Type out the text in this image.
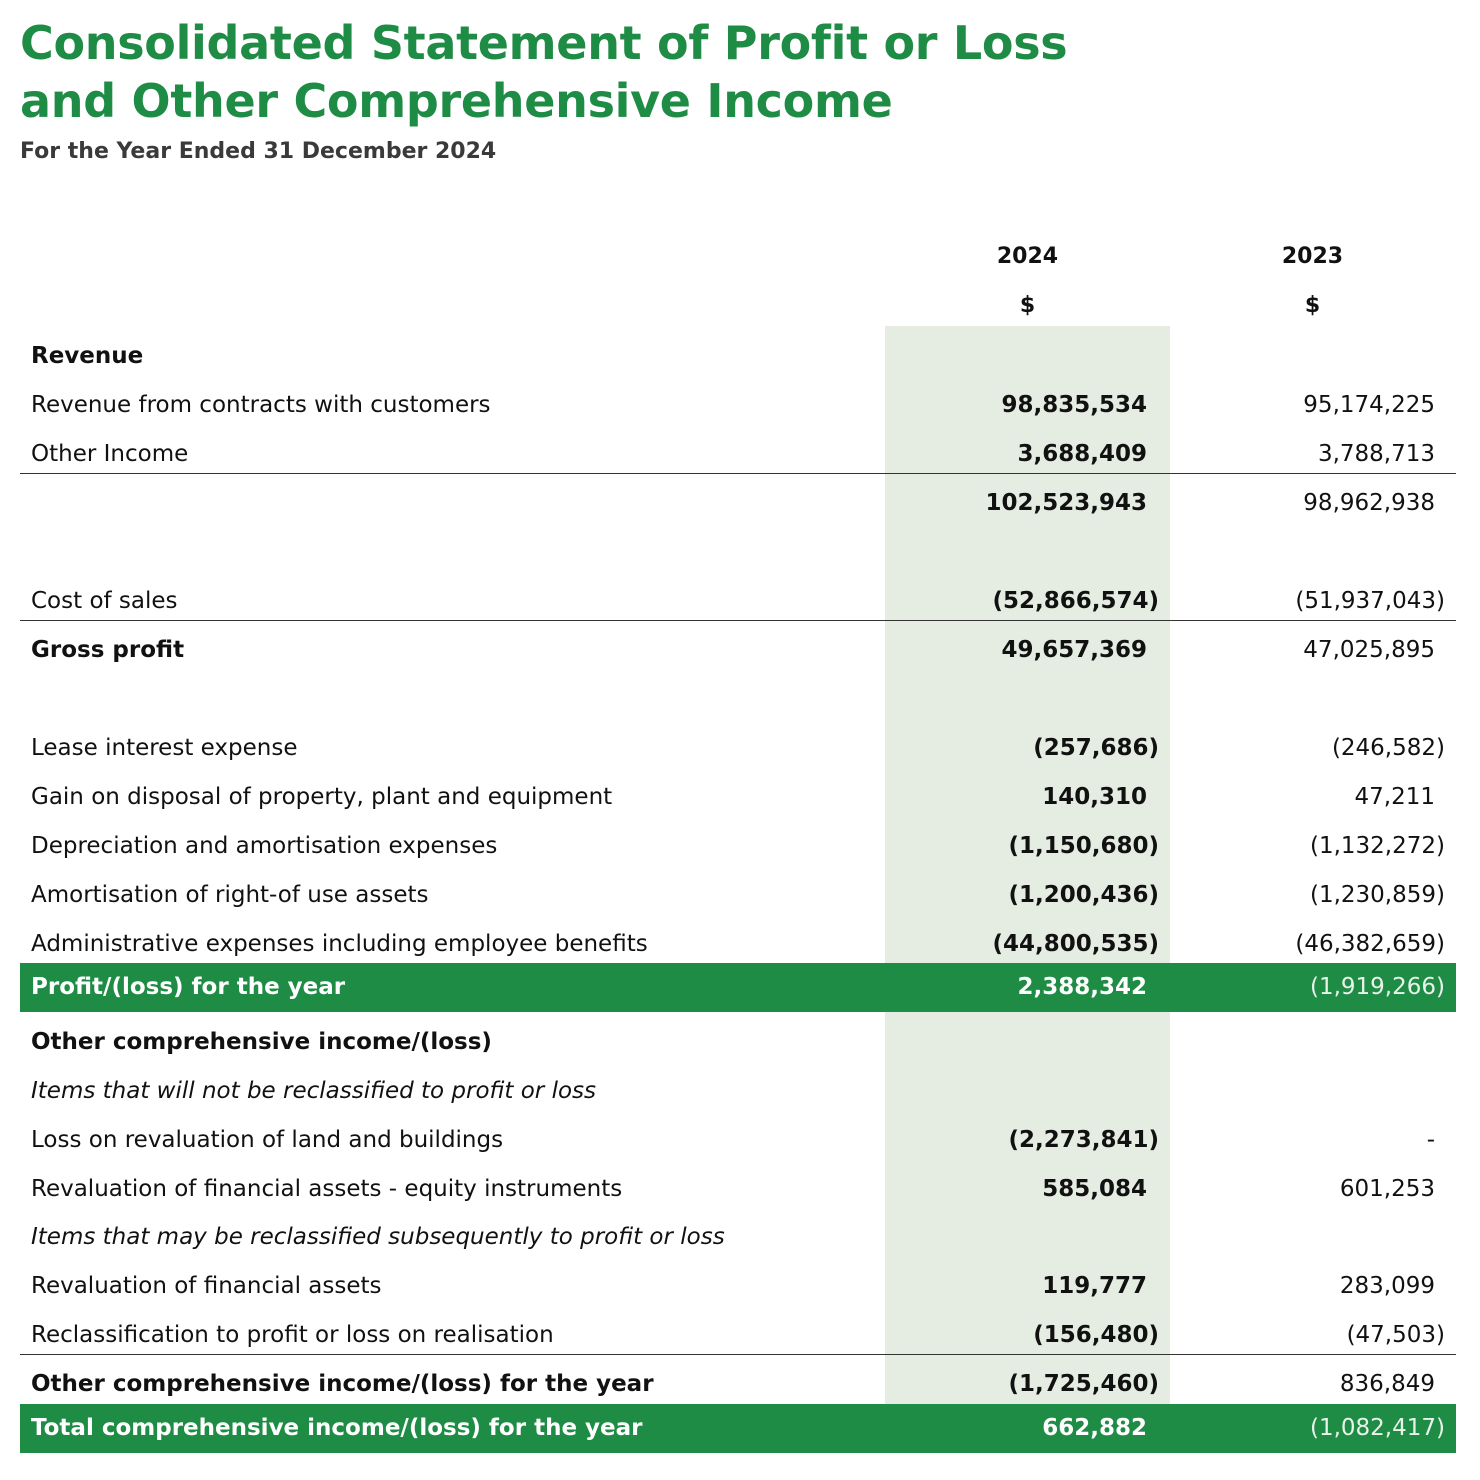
Consolidated Statement of Profit or Loss
and Other Comprehensive Income
For the Year Ended 31 December 2024
2024	2023
$	$
Revenue
Revenue from contracts with customers	98,835,534	95,174,225
Other Income	3,688,409	3,788,713
102,523,943	98,962,938
Cost of sales	(52,866,574)	(51,937,043)
Gross profit	49,657,369	47,025,895
Lease interest expense	(257,686)	(246,582)
Gain on disposal of property, plant and equipment	140,310	47,211
Depreciation and amortisation expenses	(1,150,680)	(1,132,272)
Amortisation of right-of use assets	(1,200,436)	(1,230,859)
Administrative expenses including employee benefits	(44,800,535)	(46,382,659)
Profit/(loss) for the year	2,388,342	(1,919,266)
Other comprehensive income/(loss)
Items that will not be reclassified to profit or loss
Loss on revaluation of land and buildings	(2,273,841)	-
Revaluation of financial assets - equity instruments	585,084	601,253
Items that may be reclassified subsequently to profit or loss
Revaluation of financial assets	119,777	283,099
Reclassification to profit or loss on realisation	(156,480)	(47,503)
Other comprehensive income/(loss) for the year	(1,725,460)	836,849
Total comprehensive income/(loss) for the year	662,882	(1,082,417)
